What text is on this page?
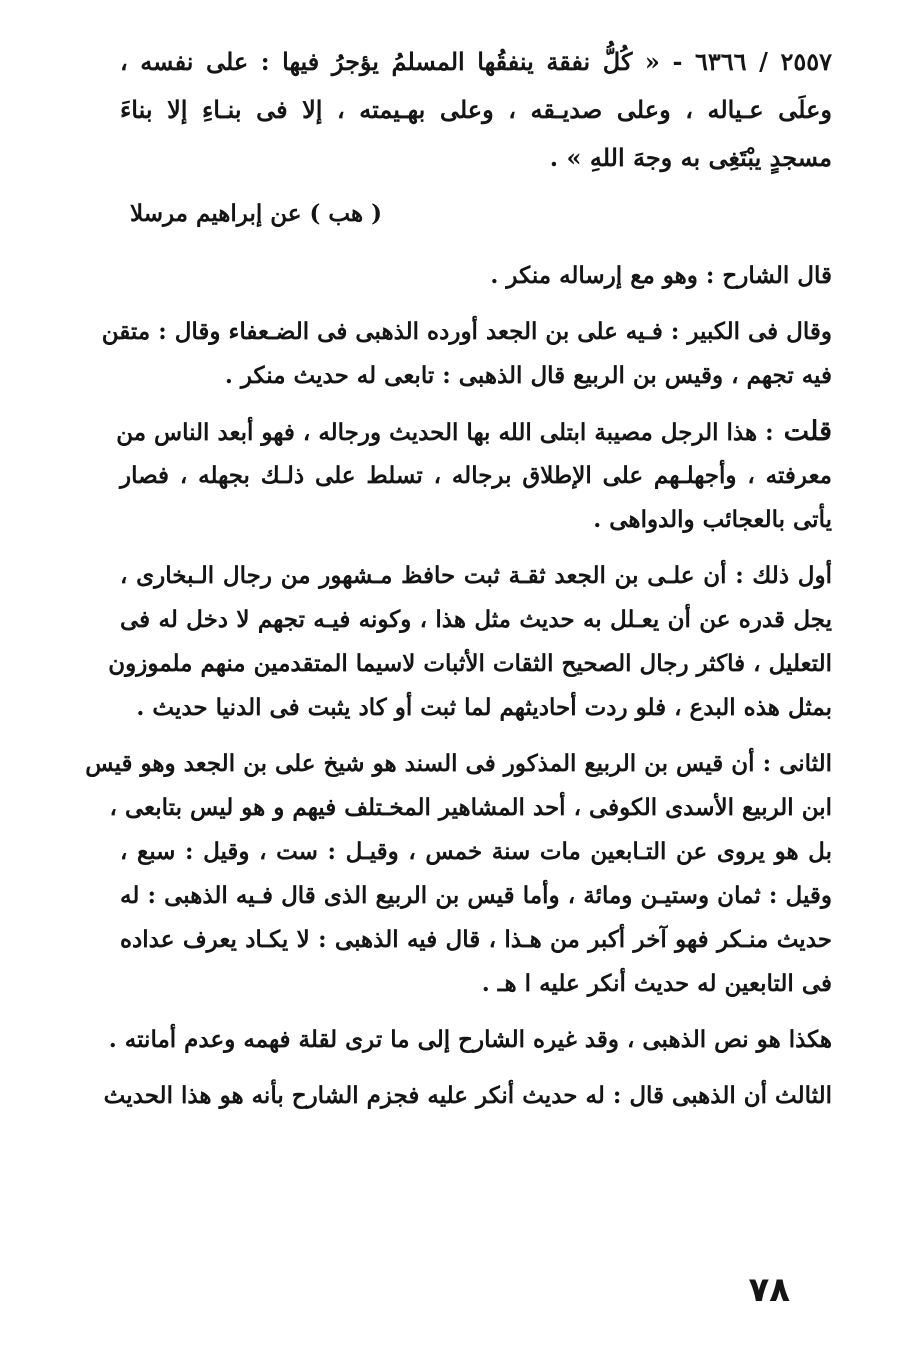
٢٥٥٧ / ٦٣٦٦ - « كُلُّ نفقة ينفقُها المسلمُ يؤجرُ فيها : على نفسه ،
وعلَى عـياله ، وعلى صديـقه ، وعلى بهـيمته ، إلا فى بنـاءِ إلا بناءَ
مسجدٍ يبْتَغِى به وجهَ اللهِ » .
( هب ) عن إبراهيم مرسلا
قال الشارح : وهو مع إرساله منكر .
وقال فى الكبير : فـيه على بن الجعد أورده الذهبى فى الضـعفاء وقال : متقن
فيه تجهم ، وقيس بن الربيع قال الذهبى : تابعى له حديث منكر .
قلت: هذا الرجل مصيبة ابتلى الله بها الحديث ورجاله ، فهو أبعد الناس من
معرفته ، وأجهلـهم على الإطلاق برجاله ، تسلط على ذلـك بجهله ، فصار
يأتى بالعجائب والدواهى .
أول ذلك : أن علـى بن الجعد ثقـة ثبت حافظ مـشهور من رجال الـبخارى ،
يجل قدره عن أن يعـلل به حديث مثل هذا ، وكونه فيـه تجهم لا دخل له فى
التعليل ، فاكثر رجال الصحيح الثقات الأثبات لاسيما المتقدمين منهم ملموزون
بمثل هذه البدع ، فلو ردت أحاديثهم لما ثبت أو كاد يثبت فى الدنيا حديث .
الثانى : أن قيس بن الربيع المذكور فى السند هو شيخ على بن الجعد وهو قيس
ابن الربيع الأسدى الكوفى ، أحد المشاهير المخـتلف فيهم و هو ليس بتابعى ،
بل هو يروى عن التـابعين مات سنة خمس ، وقيـل : ست ، وقيل : سبع ،
وقيل : ثمان وستيـن ومائة ، وأما قيس بن الربيع الذى قال فـيه الذهبى : له
حديث منـكر فهو آخر أكبر من هـذا ، قال فيه الذهبى : لا يكـاد يعرف عداده
فى التابعين له حديث أنكر عليه ا هـ .
هكذا هو نص الذهبى ، وقد غيره الشارح إلى ما ترى لقلة فهمه وعدم أمانته .
الثالث أن الذهبى قال : له حديث أنكر عليه فجزم الشارح بأنه هو هذا الحديث
٧٨
